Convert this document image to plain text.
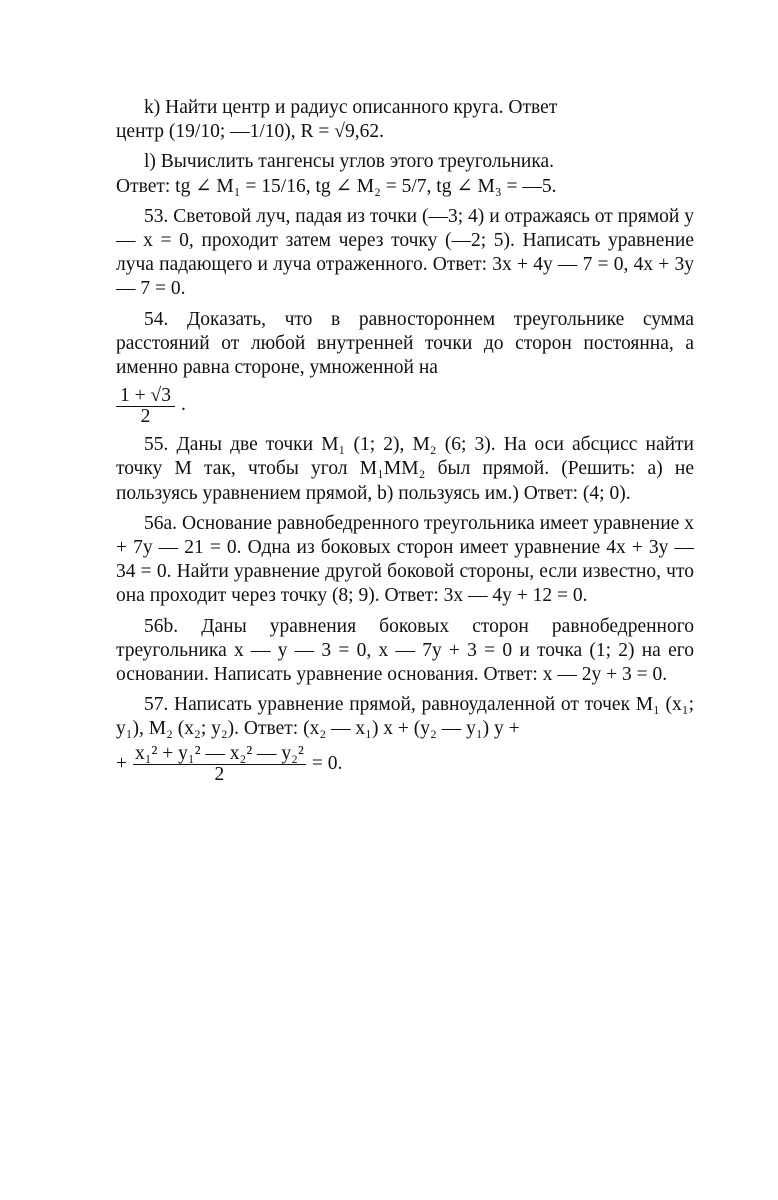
k) Найти центр и радиус описанного круга. Ответ

центр (19/10; —1/10), R = √9,62.

l) Вычислить тангенсы углов этого треугольника.

Ответ: tg ∠ M₁ = 15/16, tg ∠ M₂ = 5/7, tg ∠ M₃ = —5.

53. Световой луч, падая из точки (—3; 4) и отражаясь от прямой y — x = 0, проходит затем через точку (—2; 5). Написать уравнение луча падающего и луча отраженного. Ответ: 3x + 4y — 7 = 0, 4x + 3y — 7 = 0.

54. Доказать, что в равностороннем треугольнике сумма расстояний от любой внутренней точки до сторон постоянна, а именно равна стороне, умноженной на

$\frac{1 + √3}{2}$ .

55. Даны две точки M₁ (1; 2), M₂ (6; 3). На оси абсцисс найти точку M так, чтобы угол M₁MM₂ был прямой. (Решить: a) не пользуясь уравнением прямой, b) пользуясь им.) Ответ: (4; 0).

56a. Основание равнобедренного треугольника имеет уравнение x + 7y — 21 = 0. Одна из боковых сторон имеет уравнение 4x + 3y — 34 = 0. Найти уравнение другой боковой стороны, если известно, что она проходит через точку (8; 9). Ответ: 3x — 4y + 12 = 0.

56b. Даны уравнения боковых сторон равнобедренного треугольника x — y — 3 = 0, x — 7y + 3 = 0 и точка (1; 2) на его основании. Написать уравнение основания. Ответ: x — 2y + 3 = 0.

57. Написать уравнение прямой, равноудаленной от точек M₁ (x₁; y₁), M₂ (x₂; y₂). Ответ: (x₂ — x₁) x + (y₂ — y₁) y +

+ $\frac{\text{x₁² + y₁² — x₂² — y₂²}}{2} = 0$.
